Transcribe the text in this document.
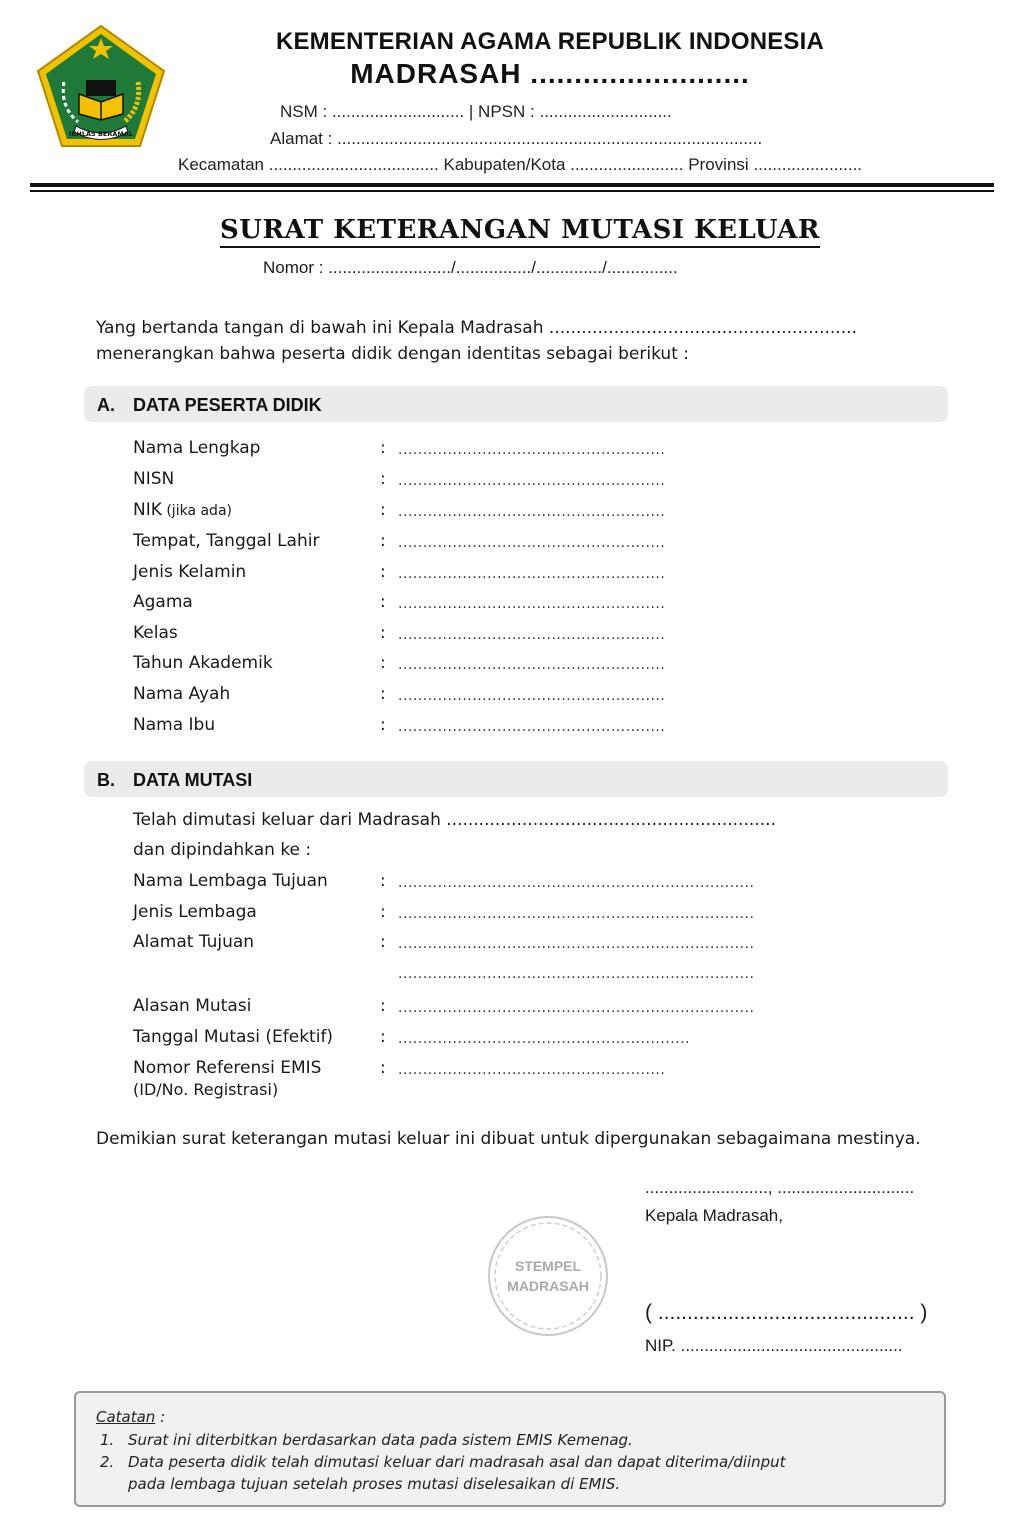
IKHLAS BERAMAL
KEMENTERIAN AGAMA REPUBLIK INDONESIA
MADRASAH .........................
NSM : ............................ | NPSN : ............................
Alamat : ..........................................................................................
Kecamatan .................................... Kabupaten/Kota ........................ Provinsi .......................
SURAT KETERANGAN MUTASI KELUAR
Nomor : ........................../................/............../...............
Yang bertanda tangan di bawah ini Kepala Madrasah .........................................................
menerangkan bahwa peserta didik dengan identitas sebagai berikut :
A. DATA PESERTA DIDIK
Nama Lengkap	: ......................................................
NISN	: ......................................................
NIK (jika ada)	: ......................................................
Tempat, Tanggal Lahir	: ......................................................
Jenis Kelamin	: ......................................................
Agama	: ......................................................
Kelas	: ......................................................
Tahun Akademik	: ......................................................
Nama Ayah	: ......................................................
Nama Ibu	: ......................................................
B. DATA MUTASI
Telah dimutasi keluar dari Madrasah .............................................................
dan dipindahkan ke :
Nama Lembaga Tujuan	: ........................................................................
Jenis Lembaga	: ........................................................................
Alamat Tujuan	: ........................................................................
........................................................................
Alasan Mutasi	: ........................................................................
Tanggal Mutasi (Efektif)	: ...........................................................
Nomor Referensi EMIS	: ......................................................
(ID/No. Registrasi)
Demikian surat keterangan mutasi keluar ini dibuat untuk dipergunakan sebagaimana mestinya.
.........................., .............................
Kepala Madrasah,
( ............................................ )
NIP. ...............................................
STEMPEL
MADRASAH
Catatan :
1. Surat ini diterbitkan berdasarkan data pada sistem EMIS Kemenag.
2. Data peserta didik telah dimutasi keluar dari madrasah asal dan dapat diterima/diinput
pada lembaga tujuan setelah proses mutasi diselesaikan di EMIS.
